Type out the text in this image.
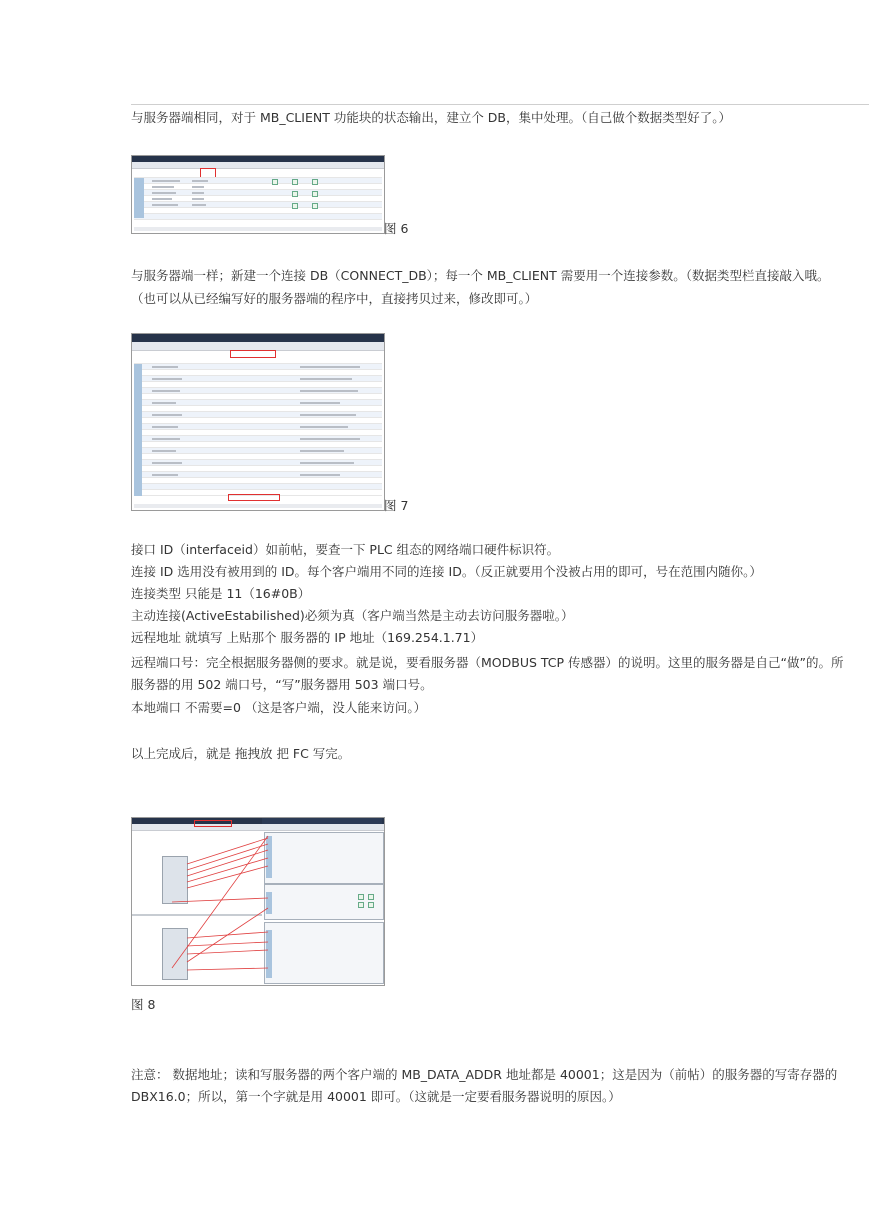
与服务器端相同，对于 MB_CLIENT 功能块的状态输出，建立个 DB，集中处理。（自己做个数据类型好了。）
图 6
与服务器端一样；新建一个连接 DB（CONNECT_DB）；每一个 MB_CLIENT 需要用一个连接参数。（数据类型栏直接敲入哦。
（也可以从已经编写好的服务器端的程序中，直接拷贝过来，修改即可。）
图 7
接口 ID（interfaceid）如前帖，要查一下 PLC 组态的网络端口硬件标识符。
连接 ID 选用没有被用到的 ID。每个客户端用不同的连接 ID。（反正就要用个没被占用的即可，号在范围内随你。）
连接类型 只能是 11（16#0B）
主动连接(ActiveEstabilished)必须为真（客户端当然是主动去访问服务器啦。）
远程地址 就填写 上贴那个 服务器的 IP 地址（169.254.1.71）
远程端口号：完全根据服务器侧的要求。就是说，要看服务器（MODBUS TCP 传感器）的说明。这里的服务器是自己“做”的。所
服务器的用 502 端口号，“写”服务器用 503 端口号。
本地端口 不需要=0 （这是客户端，没人能来访问。）
以上完成后，就是 拖拽放 把 FC 写完。
图 8
注意： 数据地址；读和写服务器的两个客户端的 MB_DATA_ADDR 地址都是 40001；这是因为（前帖）的服务器的写寄存器的
DBX16.0；所以，第一个字就是用 40001 即可。（这就是一定要看服务器说明的原因。）
